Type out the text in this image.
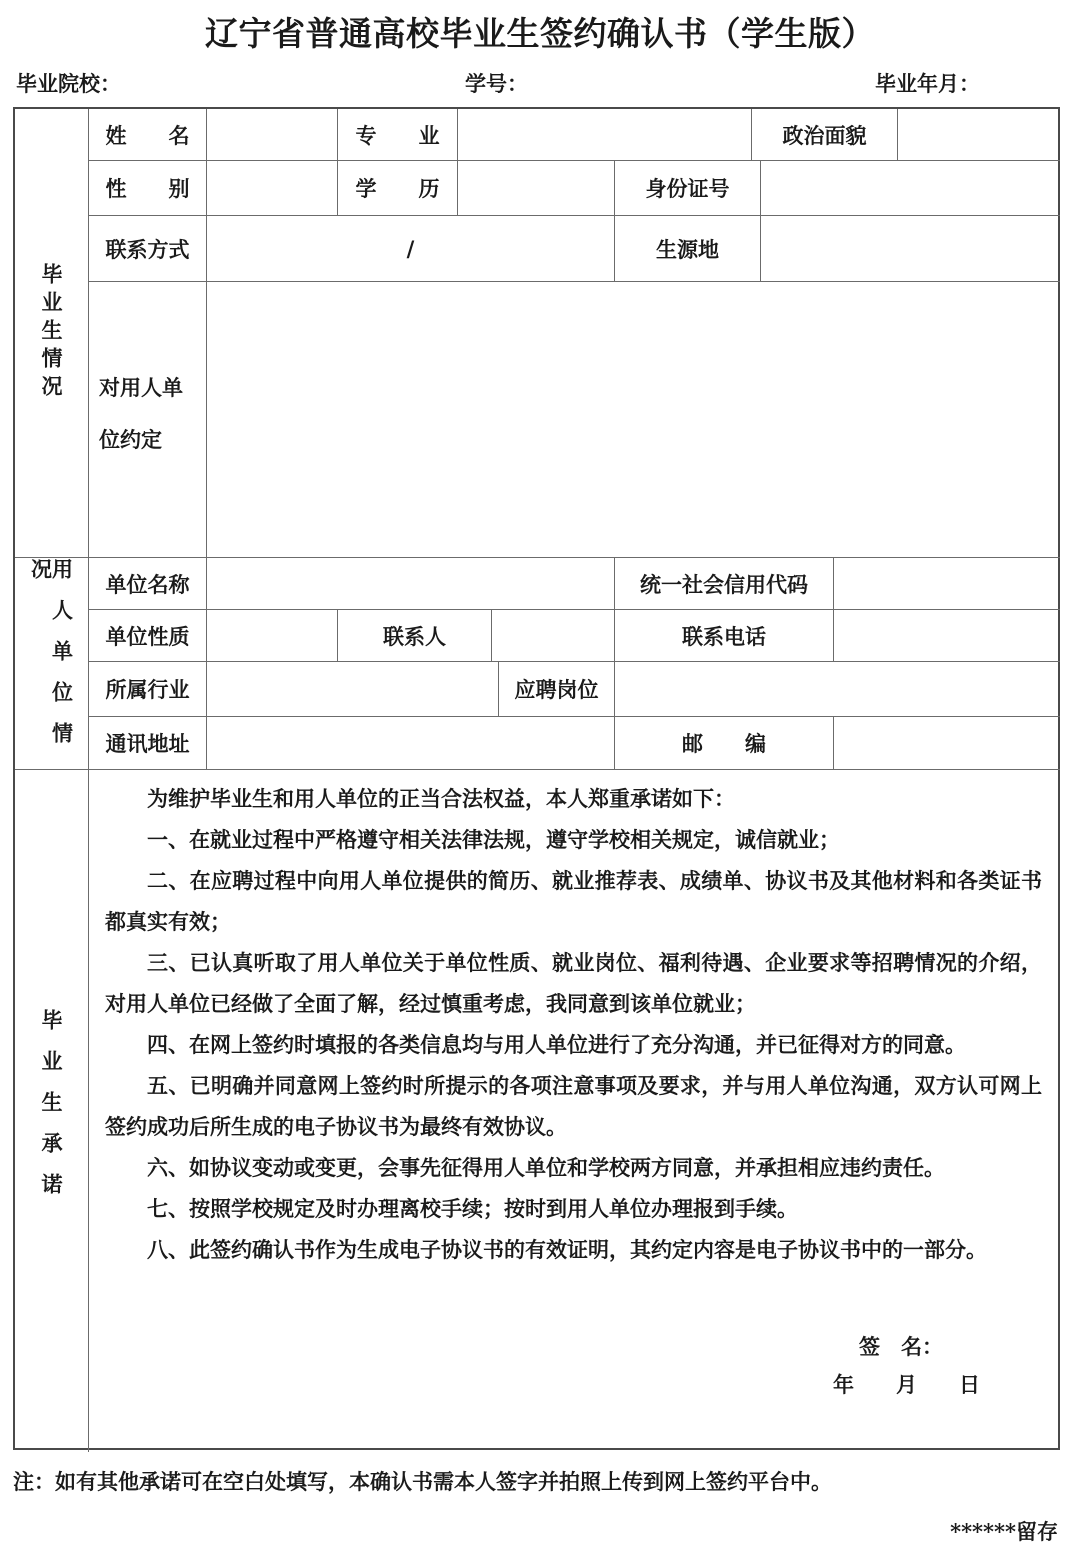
辽宁省普通高校毕业生签约确认书（学生版）
毕业院校：	学号：	毕业年月：
毕业生情况
姓　　名	专　　业	政治面貌
性　　别	学　　历	身份证号
联系方式	/	生源地
对用人单
位约定
用人单位情况	单位名称	统一社会信用代码
单位性质	联系人	联系电话
所属行业	应聘岗位
通讯地址	邮　　编
毕业生承诺

为维护毕业生和用人单位的正当合法权益，本人郑重承诺如下：

一、在就业过程中严格遵守相关法律法规，遵守学校相关规定，诚信就业；

二、在应聘过程中向用人单位提供的简历、就业推荐表、成绩单、协议书及其他材料和各类证书都真实有效；

三、已认真听取了用人单位关于单位性质、就业岗位、福利待遇、企业要求等招聘情况的介绍，对用人单位已经做了全面了解，经过慎重考虑，我同意到该单位就业；

四、在网上签约时填报的各类信息均与用人单位进行了充分沟通，并已征得对方的同意。

五、已明确并同意网上签约时所提示的各项注意事项及要求，并与用人单位沟通，双方认可网上签约成功后所生成的电子协议书为最终有效协议。

六、如协议变动或变更，会事先征得用人单位和学校两方同意，并承担相应违约责任。

七、按照学校规定及时办理离校手续；按时到用人单位办理报到手续。

八、此签约确认书作为生成电子协议书的有效证明，其约定内容是电子协议书中的一部分。

签　名：
年 月 日
注：如有其他承诺可在空白处填写，本确认书需本人签字并拍照上传到网上签约平台中。
******留存
